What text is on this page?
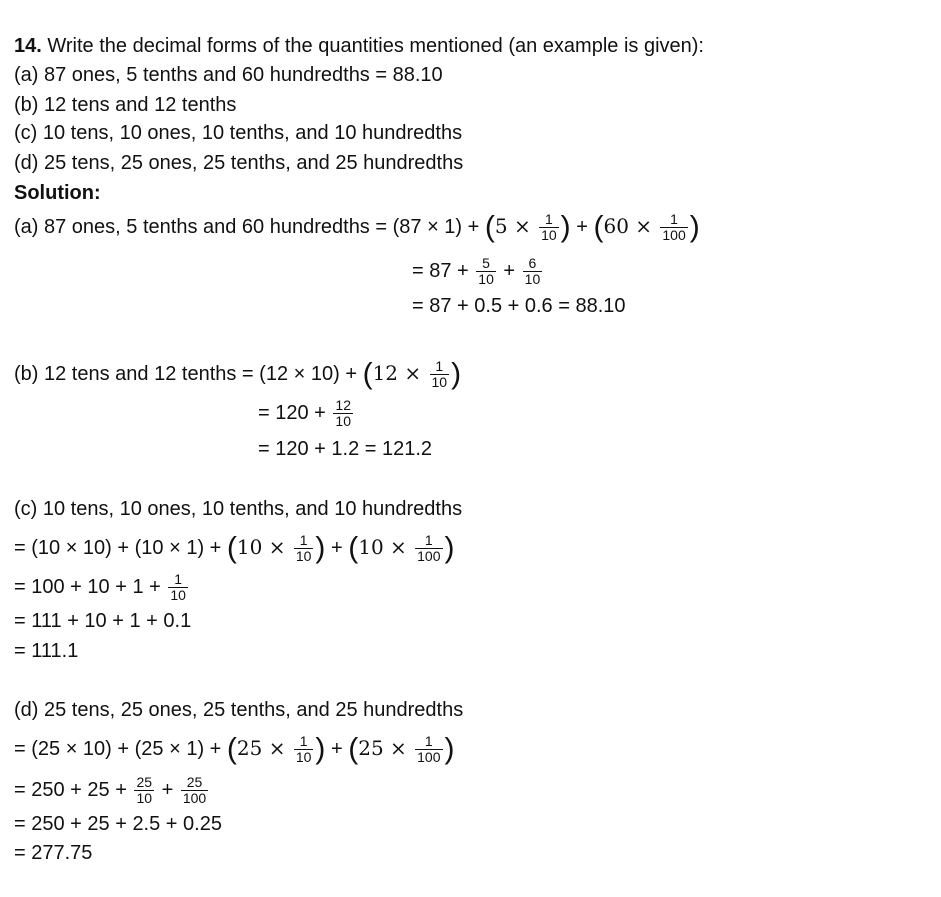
14. Write the decimal forms of the quantities mentioned (an example is given):
(a) 87 ones, 5 tenths and 60 hundredths = 88.10
(b) 12 tens and 12 tenths
(c) 10 tens, 10 ones, 10 tenths, and 10 hundredths
(d) 25 tens, 25 ones, 25 tenths, and 25 hundredths
Solution:
(a) 87 ones, 5 tenths and 60 hundredths = $(87 \times 1) + (5 \times \frac{1}{10}$ ) + ($60 \times \frac{1}{100}$ )
= $87 + \frac{5}{10} + \frac{6}{10}$
= 87 + 0.5 + 0.6 = 88.10
(b) 12 tens and 12 tenths = $(12 \times 10) + (12 \times \frac{1}{10}$ )
= $120 + \frac{12}{10}$
= 120 + 1.2 = 121.2
(c) 10 tens, 10 ones, 10 tenths, and 10 hundredths
= $(10 \times 10) + (10 \times 1) + (10 \times \frac{1}{10}$ ) + ($10 \times \frac{1}{100}$ )
= $100 + 10 + 1 + \frac{1}{10}$
= 111 + 10 + 1 + 0.1
= 111.1
(d) 25 tens, 25 ones, 25 tenths, and 25 hundredths
= $(25 \times 10) + (25 \times 1) + (25 \times \frac{1}{10}$ ) + ($25 \times \frac{1}{100}$ )
= $250 + 25 + \frac{25}{10} + \frac{25}{100}$
= 250 + 25 + 2.5 + 0.25
= 277.75
